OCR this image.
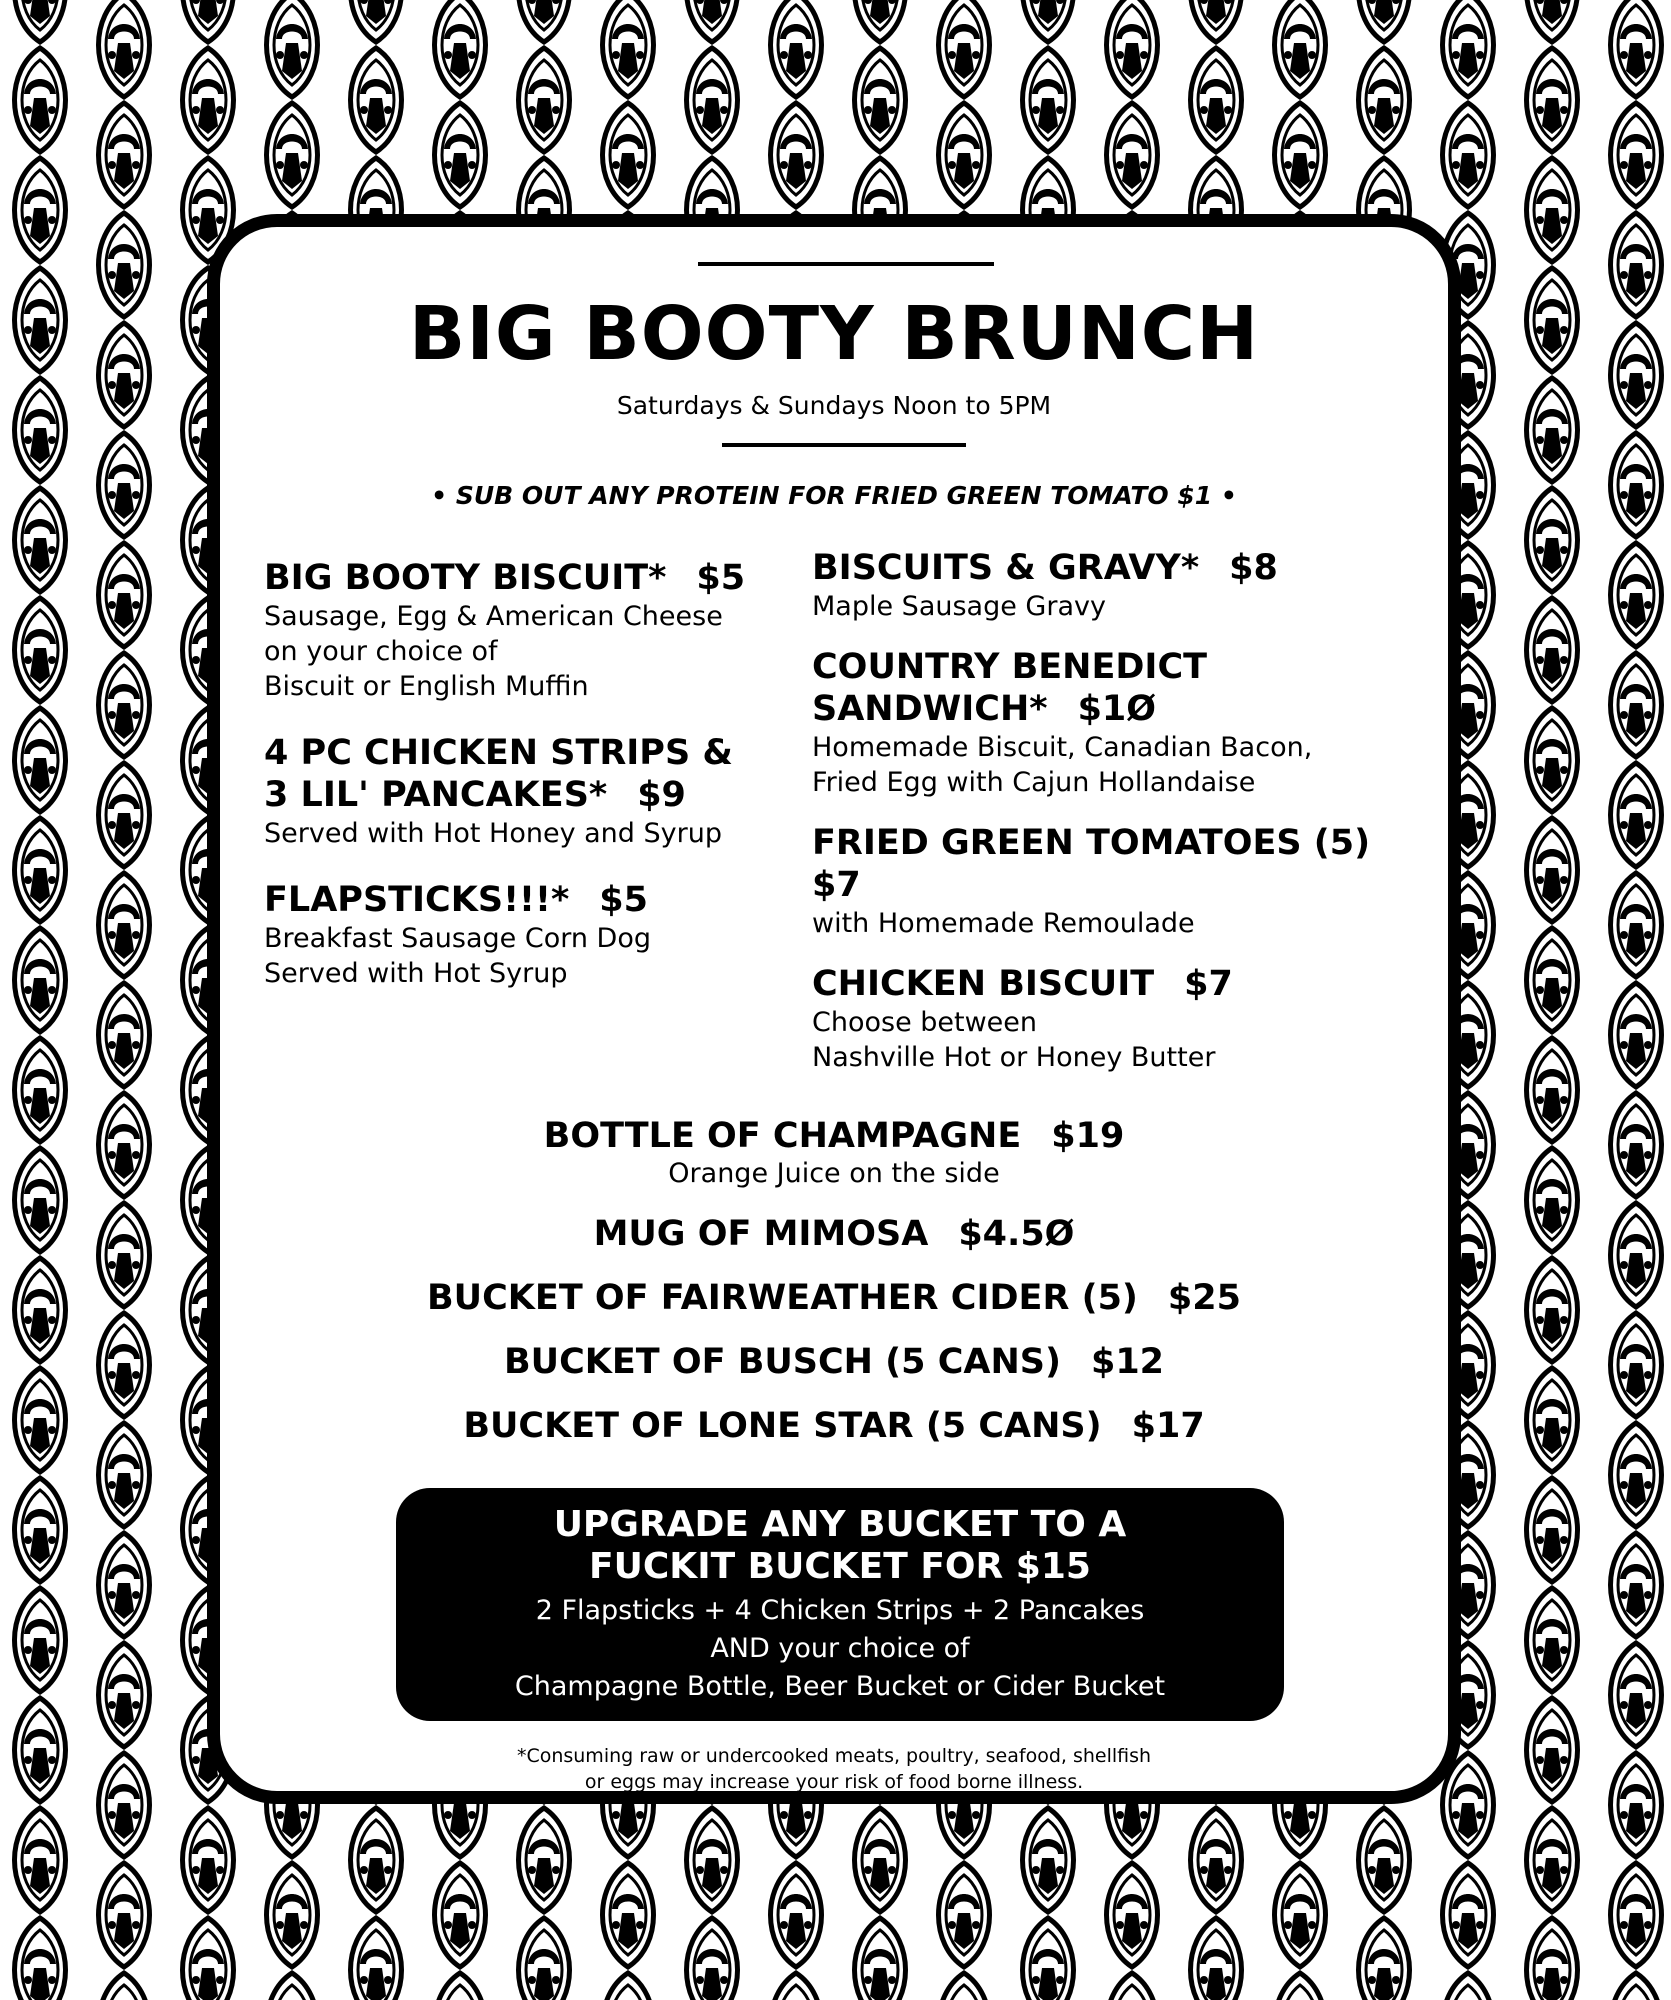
BIG BOOTY BRUNCH
Saturdays & Sundays Noon to 5PM
• SUB OUT ANY PROTEIN FOR FRIED GREEN TOMATO $1 •
BIG BOOTY BISCUIT* $5
Sausage, Egg & American Cheese
on your choice of
Biscuit or English Muffin
4 PC CHICKEN STRIPS &
3 LIL' PANCAKES* $9
Served with Hot Honey and Syrup
FLAPSTICKS!!!* $5
Breakfast Sausage Corn Dog
Served with Hot Syrup
BISCUITS & GRAVY* $8
Maple Sausage Gravy
COUNTRY BENEDICT
SANDWICH* $1Ø
Homemade Biscuit, Canadian Bacon,
Fried Egg with Cajun Hollandaise
FRIED GREEN TOMATOES (5)$7
with Homemade Remoulade
CHICKEN BISCUIT $7
Choose between
Nashville Hot or Honey Butter
BOTTLE OF CHAMPAGNE $19
Orange Juice on the side
MUG OF MIMOSA $4.5Ø
BUCKET OF FAIRWEATHER CIDER (5) $25
BUCKET OF BUSCH (5 CANS) $12
BUCKET OF LONE STAR (5 CANS) $17
UPGRADE ANY BUCKET TO A
FUCKIT BUCKET FOR $15
2 Flapsticks + 4 Chicken Strips + 2 Pancakes
AND your choice of
Champagne Bottle, Beer Bucket or Cider Bucket
*Consuming raw or undercooked meats, poultry, seafood, shellfish
or eggs may increase your risk of food borne illness.
